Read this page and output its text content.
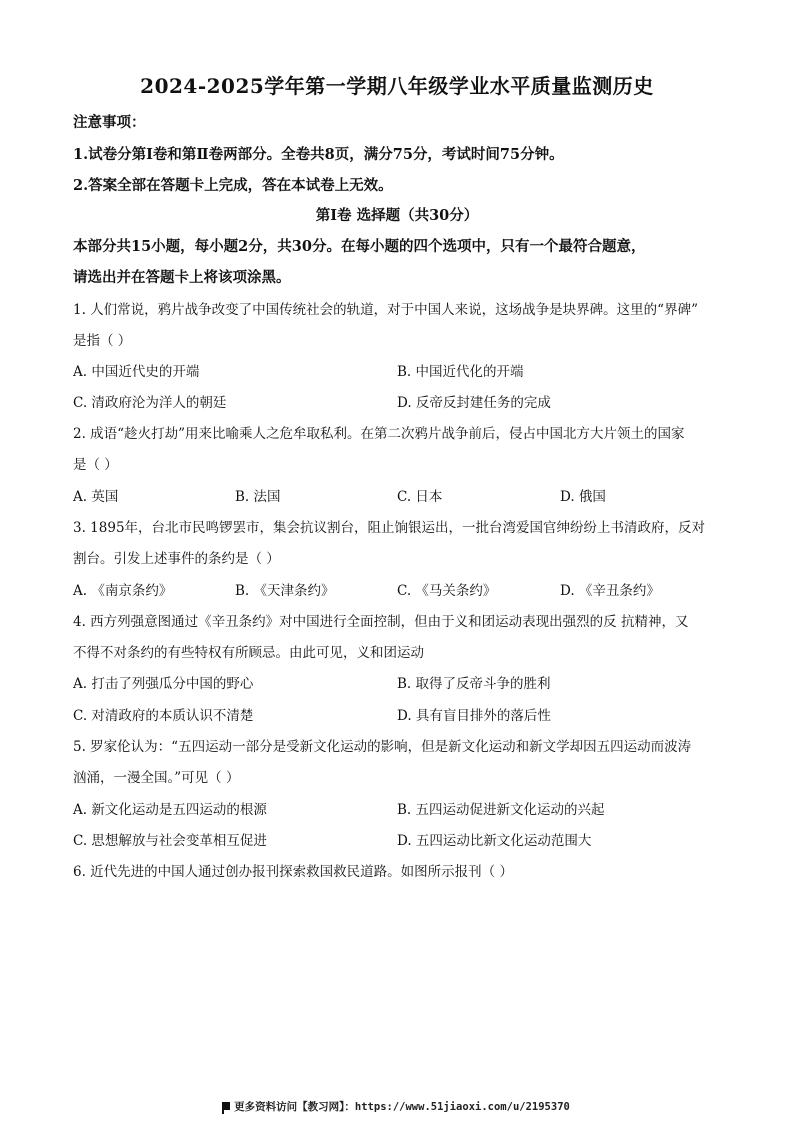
2024-2025学年第一学期八年级学业水平质量监测历史
注意事项：
1.试卷分第Ⅰ卷和第Ⅱ卷两部分。全卷共8页，满分75分，考试时间75分钟。
2.答案全部在答题卡上完成，答在本试卷上无效。
第Ⅰ卷 选择题（共30分）
本部分共15小题，每小题2分，共30分。在每小题的四个选项中，只有一个最符合题意，
请选出并在答题卡上将该项涂黑。
1. 人们常说，鸦片战争改变了中国传统社会的轨道，对于中国人来说，这场战争是块界碑。这里的“界碑”
是指（ ）
A. 中国近代史的开端	B. 中国近代化的开端
C. 清政府沦为洋人的朝廷	D. 反帝反封建任务的完成
2. 成语“趁火打劫”用来比喻乘人之危牟取私利。在第二次鸦片战争前后，侵占中国北方大片领土的国家
是（ ）
A. 英国	B. 法国	C. 日本	D. 俄国
3. 1895年，台北市民鸣锣罢市，集会抗议割台，阻止饷银运出，一批台湾爱国官绅纷纷上书清政府，反对
割台。引发上述事件的条约是（ ）
A. 《南京条约》	B. 《天津条约》	C. 《马关条约》	D. 《辛丑条约》
4. 西方列强意图通过《辛丑条约》对中国进行全面控制，但由于义和团运动表现出强烈的反 抗精神，又
不得不对条约的有些特权有所顾忌。由此可见，义和团运动
A. 打击了列强瓜分中国的野心	B. 取得了反帝斗争的胜利
C. 对清政府的本质认识不清楚	D. 具有盲目排外的落后性
5. 罗家伦认为：“五四运动一部分是受新文化运动的影响，但是新文化运动和新文学却因五四运动而波涛
汹涌，一漫全国。”可见（ ）
A. 新文化运动是五四运动的根源	B. 五四运动促进新文化运动的兴起
C. 思想解放与社会变革相互促进	D. 五四运动比新文化运动范围大
6. 近代先进的中国人通过创办报刊探索救国救民道路。如图所示报刊（ ）
更多资料访问【教习网】：https://www.51jiaoxi.com/u/2195370
